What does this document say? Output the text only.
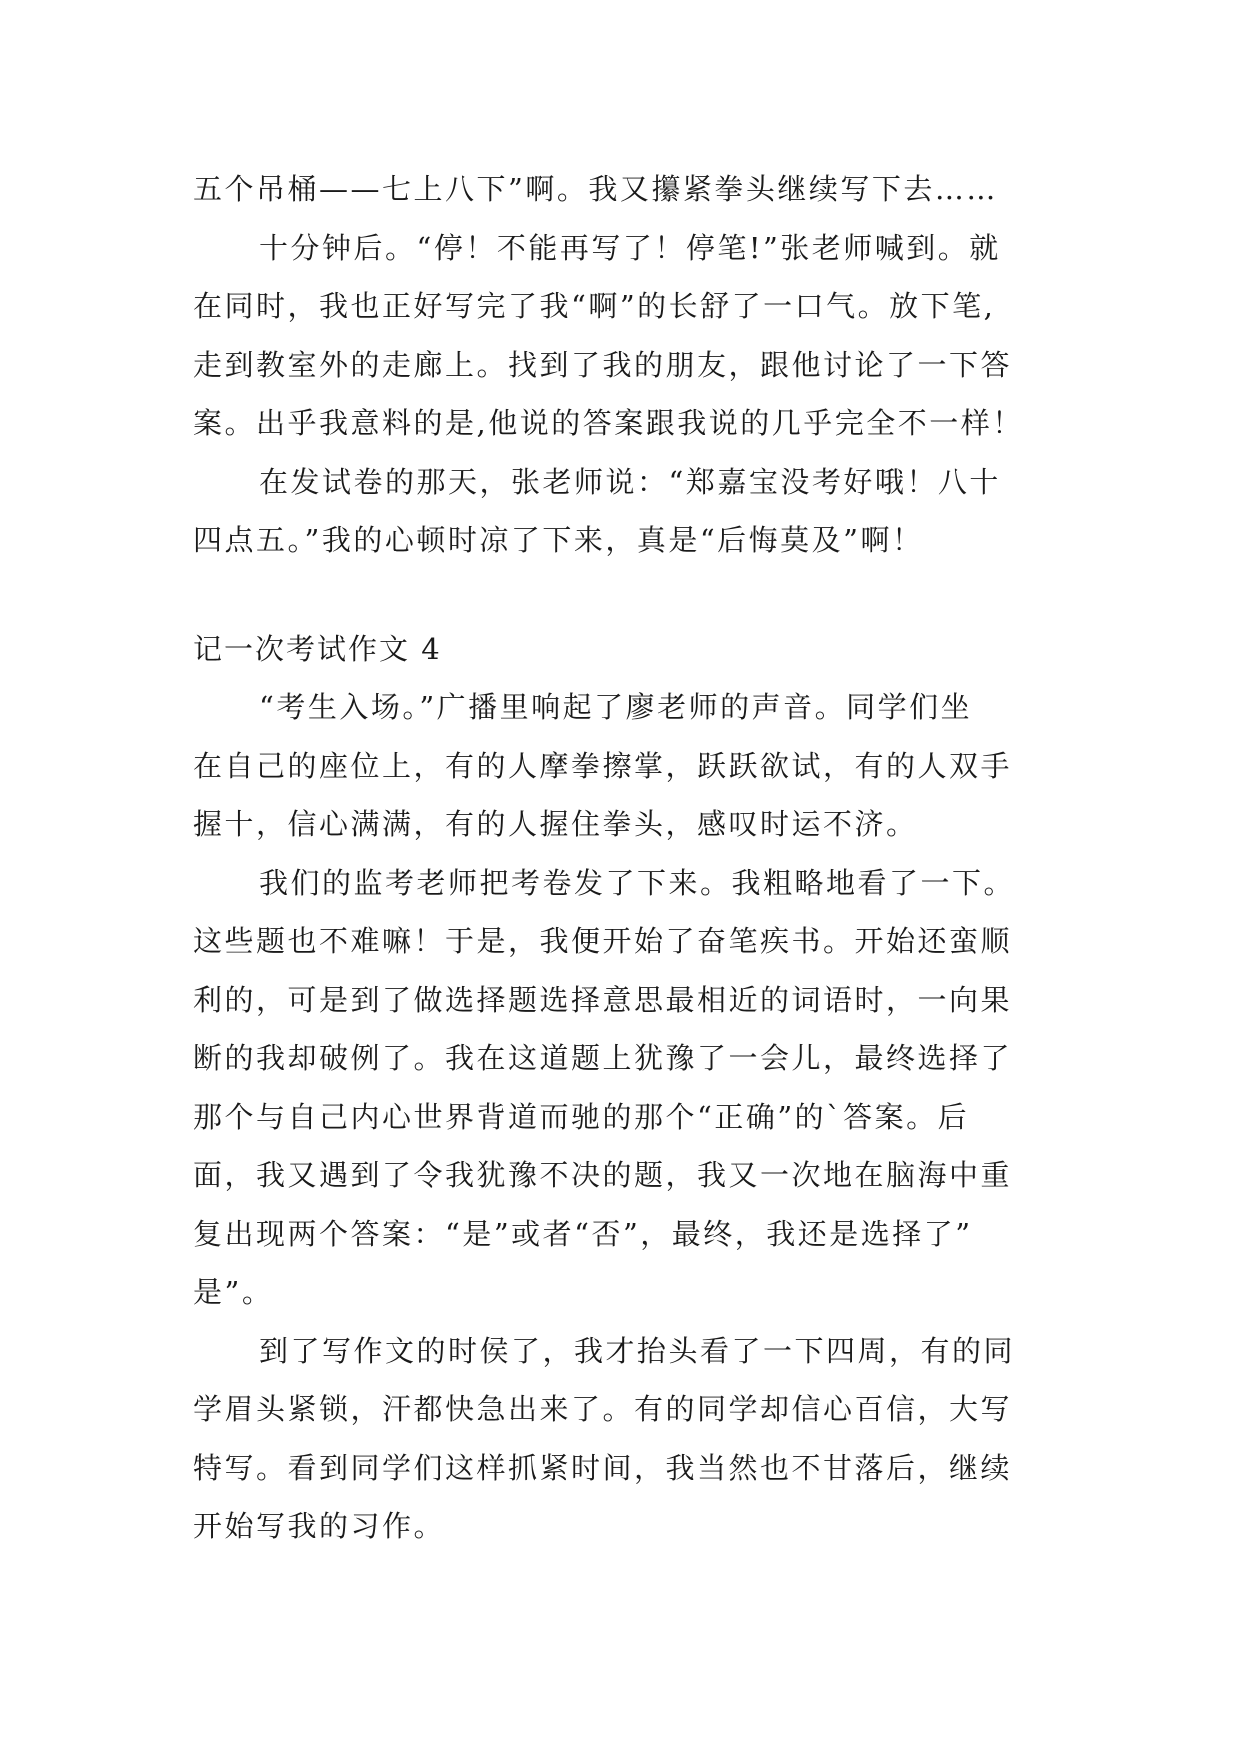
五个吊桶——七上八下”啊。我又攥紧拳头继续写下去……
十分钟后。“停！不能再写了！停笔!”张老师喊到。就
在同时，我也正好写完了我“啊”的长舒了一口气。放下笔,
走到教室外的走廊上。找到了我的朋友，跟他讨论了一下答
案。出乎我意料的是,他说的答案跟我说的几乎完全不一样！
在发试卷的那天，张老师说：“郑嘉宝没考好哦！八十
四点五。”我的心顿时凉了下来，真是“后悔莫及”啊！
记一次考试作文 4
“考生入场。”广播里响起了廖老师的声音。同学们坐
在自己的座位上，有的人摩拳擦掌，跃跃欲试，有的人双手
握十，信心满满，有的人握住拳头，感叹时运不济。
我们的监考老师把考卷发了下来。我粗略地看了一下。
这些题也不难嘛！于是，我便开始了奋笔疾书。开始还蛮顺
利的，可是到了做选择题选择意思最相近的词语时，一向果
断的我却破例了。我在这道题上犹豫了一会儿，最终选择了
那个与自己内心世界背道而驰的那个“正确”的`答案。后
面，我又遇到了令我犹豫不决的题，我又一次地在脑海中重
复出现两个答案：“是”或者“否”，最终，我还是选择了”
是”。
到了写作文的时侯了，我才抬头看了一下四周，有的同
学眉头紧锁，汗都快急出来了。有的同学却信心百信，大写
特写。看到同学们这样抓紧时间，我当然也不甘落后，继续
开始写我的习作。
